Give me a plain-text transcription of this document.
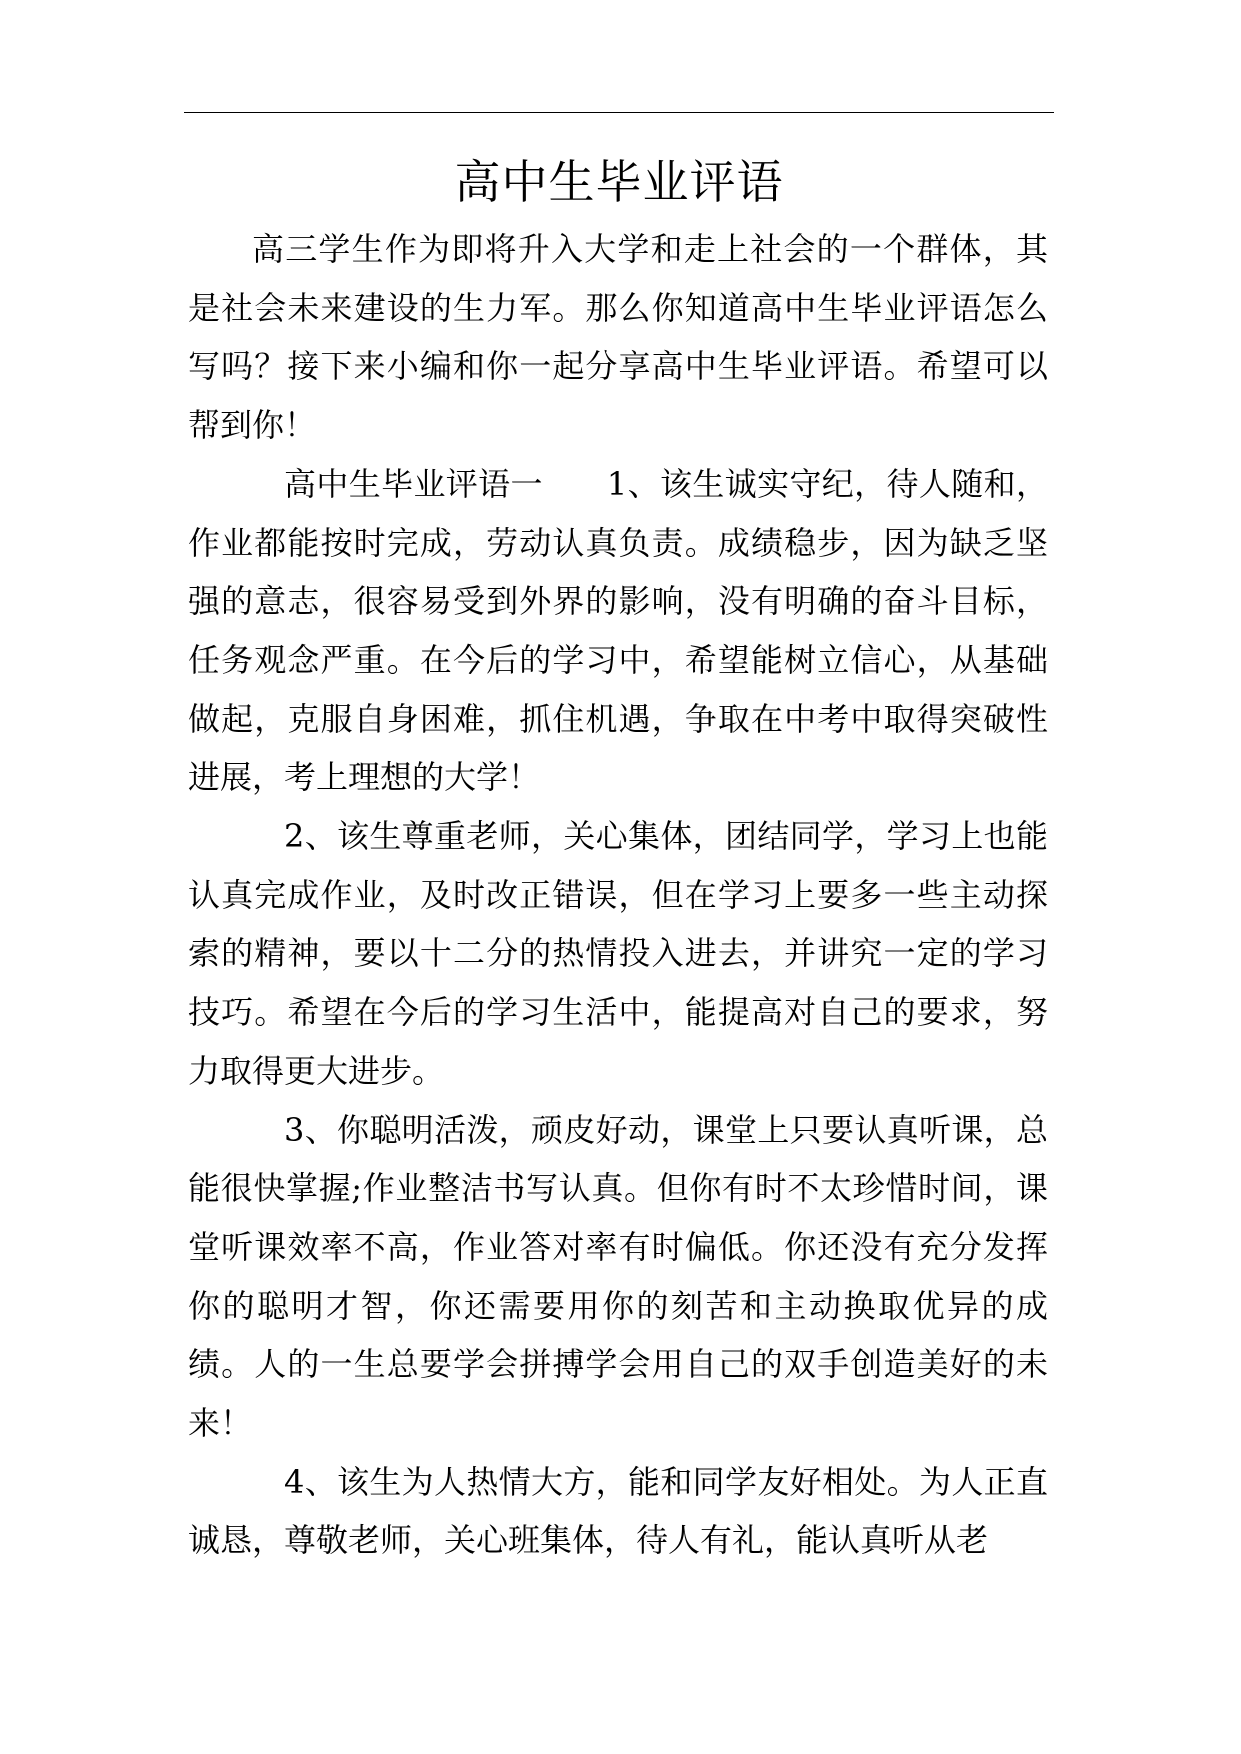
高中生毕业评语

高三学生作为即将升入大学和走上社会的一个群体，其是社会未来建设的生力军。那么你知道高中生毕业评语怎么写吗？接下来小编和你一起分享高中生毕业评语。希望可以帮到你！

高中生毕业评语一 1、该生诚实守纪，待人随和，作业都能按时完成，劳动认真负责。成绩稳步，因为缺乏坚强的意志，很容易受到外界的影响，没有明确的奋斗目标，任务观念严重。在今后的学习中，希望能树立信心，从基础做起，克服自身困难，抓住机遇，争取在中考中取得突破性进展，考上理想的大学！

2、该生尊重老师，关心集体，团结同学，学习上也能认真完成作业，及时改正错误，但在学习上要多一些主动探索的精神，要以十二分的热情投入进去，并讲究一定的学习技巧。希望在今后的学习生活中，能提高对自己的要求，努力取得更大进步。

3、你聪明活泼，顽皮好动，课堂上只要认真听课，总能很快掌握;作业整洁书写认真。但你有时不太珍惜时间，课堂听课效率不高，作业答对率有时偏低。你还没有充分发挥你的聪明才智，你还需要用你的刻苦和主动换取优异的成绩。人的一生总要学会拼搏学会用自己的双手创造美好的未来！

4、该生为人热情大方，能和同学友好相处。为人正直诚恳，尊敬老师，关心班集体，待人有礼，能认真听从老
